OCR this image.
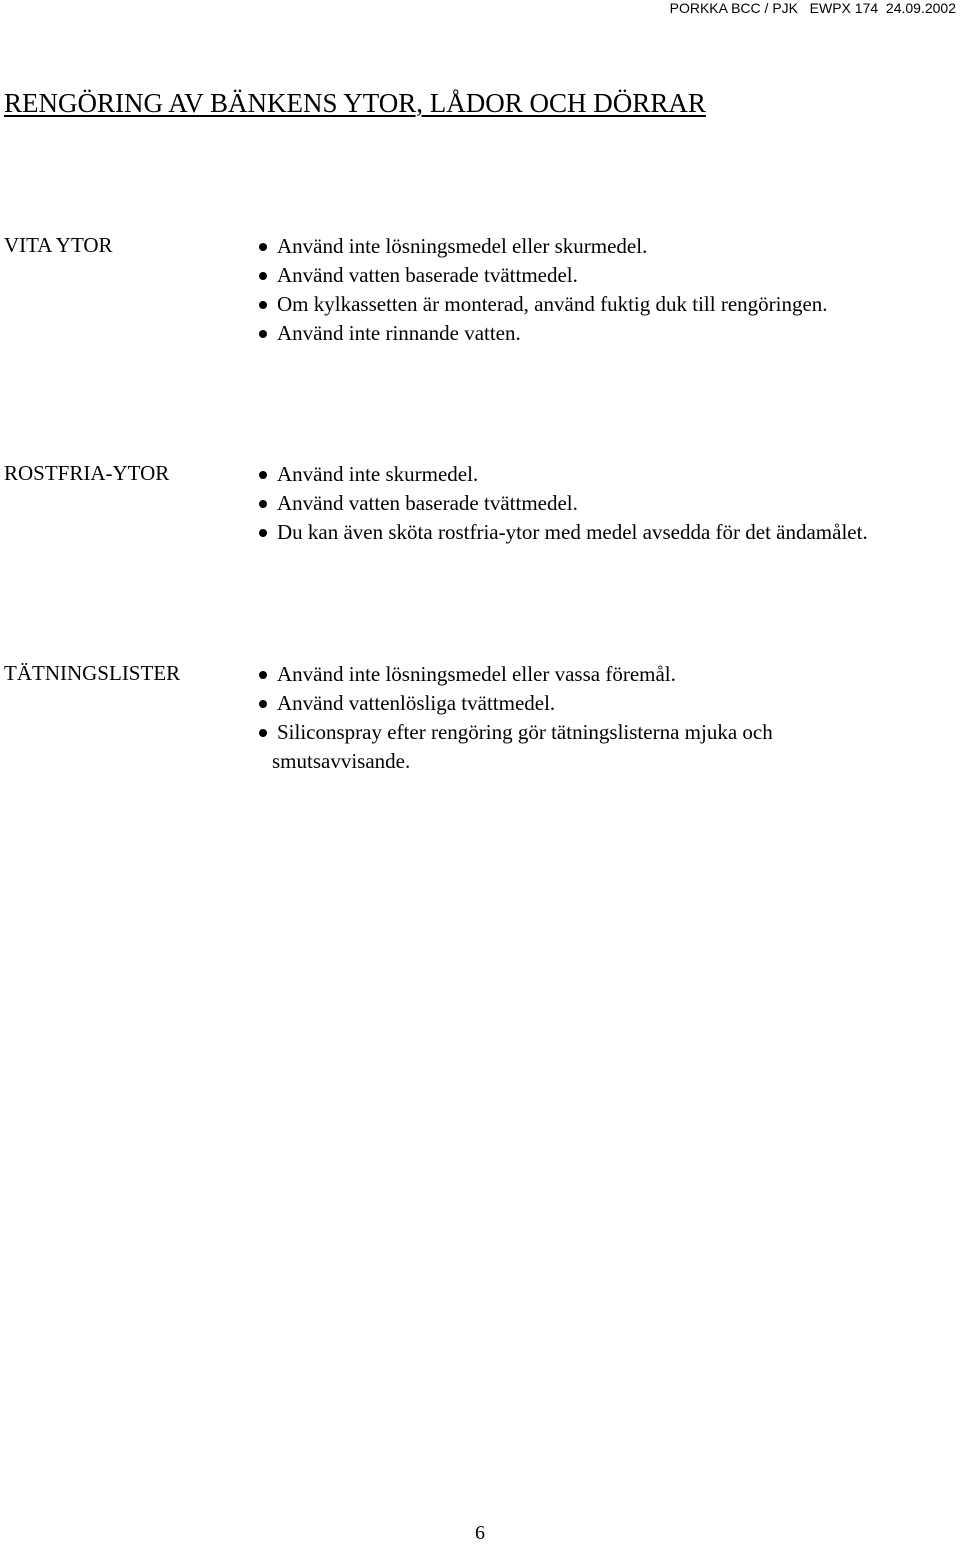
PORKKA BCC / PJK   EWPX 174  24.09.2002
RENGÖRING AV BÄNKENS YTOR, LÅDOR OCH DÖRRAR
VITA YTOR	Använd inte lösningsmedel eller skurmedel.
Använd vatten baserade tvättmedel.
Om kylkassetten är monterad, använd fuktig duk till rengöringen.
Använd inte rinnande vatten.
ROSTFRIA-YTOR	Använd inte skurmedel.
Använd vatten baserade tvättmedel.
Du kan även sköta rostfria-ytor med medel avsedda för det ändamålet.
TÄTNINGSLISTER	Använd inte lösningsmedel eller vassa föremål.
Använd vattenlösliga tvättmedel.
Siliconspray efter rengöring gör tätningslisterna mjuka och
smutsavvisande.
6
